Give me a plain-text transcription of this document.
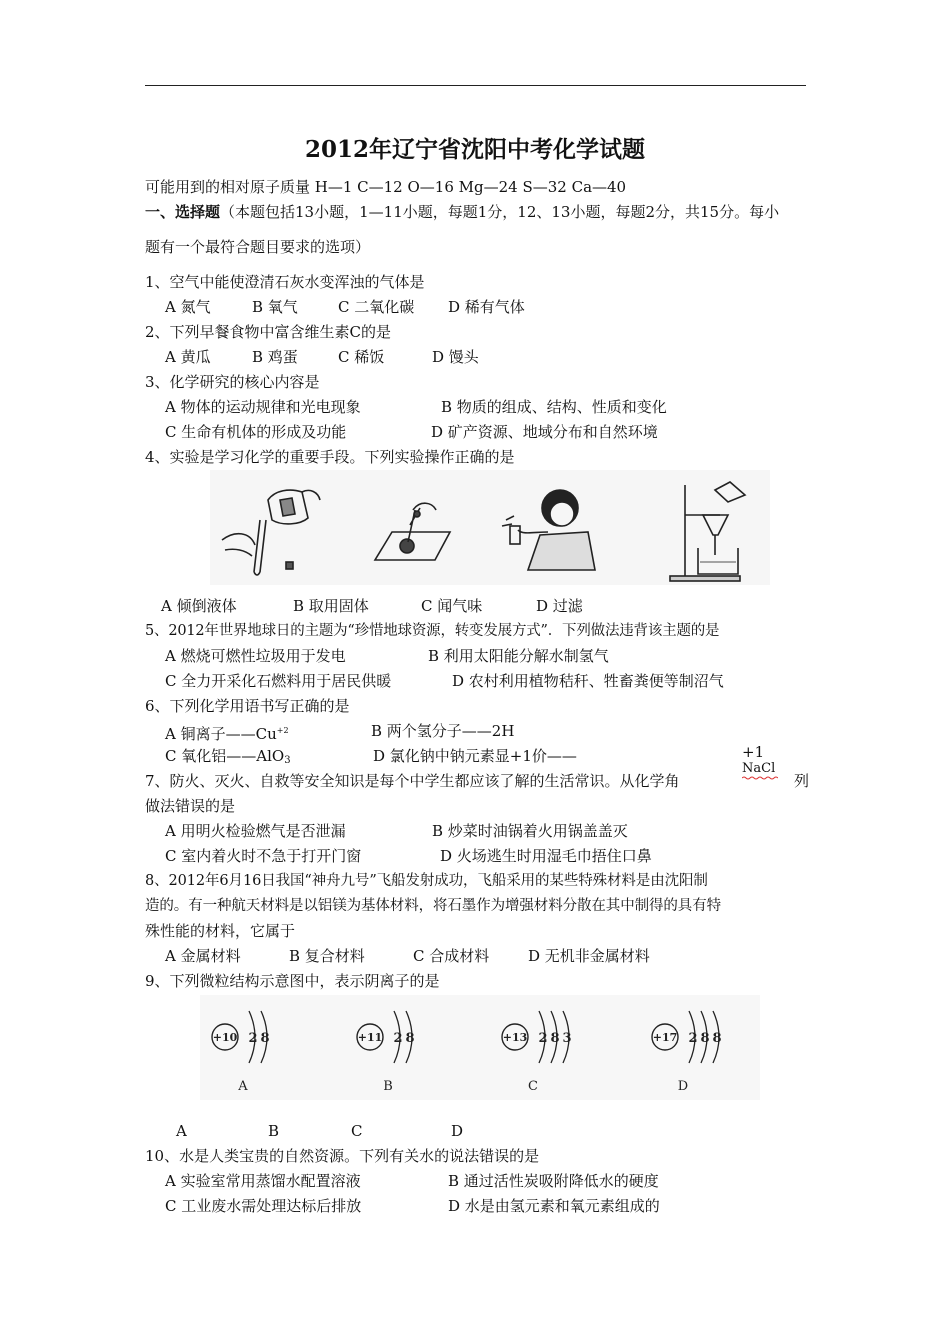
2012年辽宁省沈阳中考化学试题
可能用到的相对原子质量 H—1 C—12 O—16 Mg—24 S—32 Ca—40
一、选择题（本题包括13小题，1—11小题，每题1分，12、13小题，每题2分，共15分。每小
题有一个最符合题目要求的选项）
1、空气中能使澄清石灰水变浑浊的气体是
A 氮气	B 氧气	C 二氧化碳 D 稀有气体
2、下列早餐食物中富含维生素C的是
A 黄瓜	B 鸡蛋	C 稀饭	D 馒头
3、化学研究的核心内容是
A 物体的运动规律和光电现象	B 物质的组成、结构、性质和变化
C 生命有机体的形成及功能	D 矿产资源、地域分布和自然环境
4、实验是学习化学的重要手段。下列实验操作正确的是
A 倾倒液体	B 取用固体	C 闻气味	D 过滤
5、2012年世界地球日的主题为“珍惜地球资源，转变发展方式”．下列做法违背该主题的是
A 燃烧可燃性垃圾用于发电	B 利用太阳能分解水制氢气
C 全力开采化石燃料用于居民供暖	D 农村利用植物秸秆、牲畜粪便等制沼气
6、下列化学用语书写正确的是
A 铜离子$——Cu^{+2}$	B 两个氢分子——2H
C 氧化铝——AlO$_3$	D 氯化钠中钠元素显+1价——	+1
NaCl
7、防火、灭火、自救等安全知识是每个中学生都应该了解的生活常识。从化学角	列
做法错误的是
A 用明火检验燃气是否泄漏	B 炒菜时油锅着火用锅盖盖灭
C 室内着火时不急于打开门窗	D 火场逃生时用湿毛巾捂住口鼻
8、2012年6月16日我国“神舟九号”飞船发射成功，飞船采用的某些特殊材料是由沈阳制
造的。有一种航天材料是以铝镁为基体材料，将石墨作为增强材料分散在其中制得的具有特
殊性能的材料，它属于
A 金属材料	B 复合材料	C 合成材料	D 无机非金属材料
9、下列微粒结构示意图中，表示阴离子的是
+10 2 8
A
+11 2 8
B
+13 2 8 3
C
+17 2 8 8
D
A	B	C	D
10、水是人类宝贵的自然资源。下列有关水的说法错误的是
A 实验室常用蒸馏水配置溶液	B 通过活性炭吸附降低水的硬度
C 工业废水需处理达标后排放	D 水是由氢元素和氧元素组成的
